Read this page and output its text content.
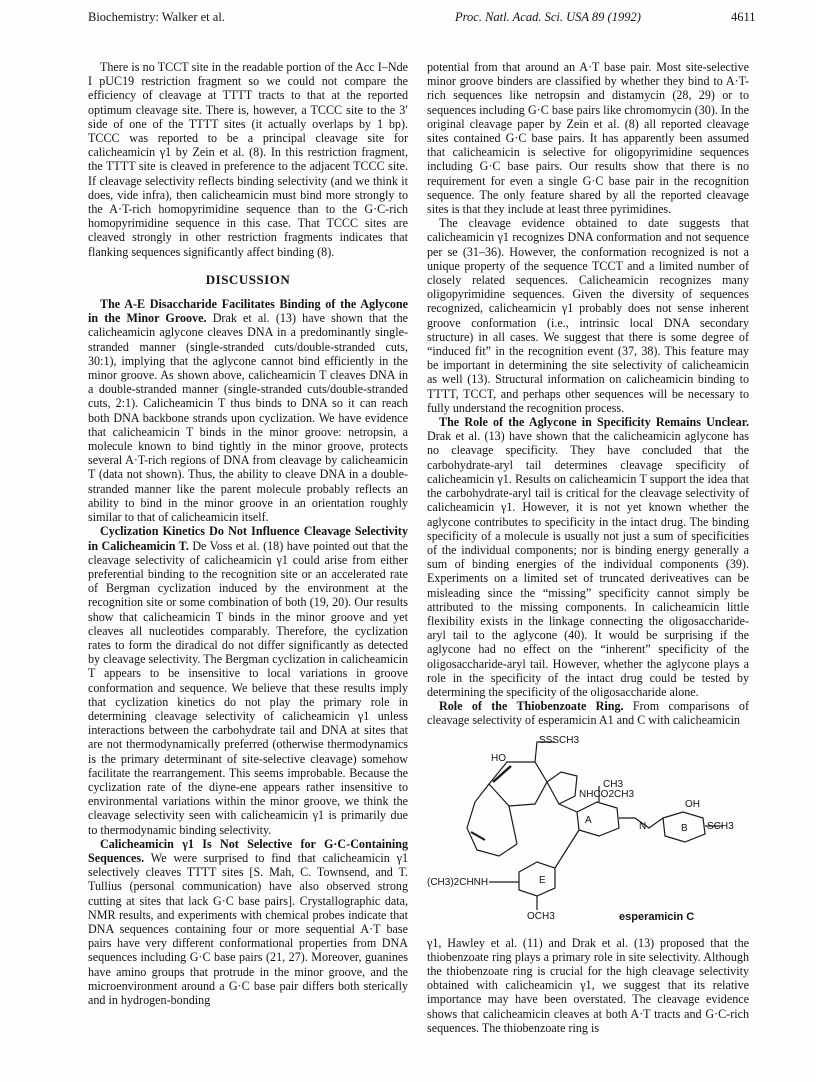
Biochemistry: Walker et al.	Proc. Natl. Acad. Sci. USA 89 (1992)	4611

There is no TCCT site in the readable portion of the Acc I–Nde I pUC19 restriction fragment so we could not compare the efficiency of cleavage at TTTT tracts to that at the reported optimum cleavage site. There is, however, a TCCC site to the 3′ side of one of the TTTT sites (it actually overlaps by 1 bp). TCCC was reported to be a principal cleavage site for calicheamicin γ1 by Zein et al. (8). In this restriction fragment, the TTTT site is cleaved in preference to the adjacent TCCC site. If cleavage selectivity reflects binding selectivity (and we think it does, vide infra), then calicheamicin must bind more strongly to the A·T-rich homopyrimidine sequence than to the G·C-rich homopyrimidine sequence in this case. That TCCC sites are cleaved strongly in other restriction fragments indicates that flanking sequences significantly affect binding (8).

DISCUSSION

The A-E Disaccharide Facilitates Binding of the Aglycone in the Minor Groove. Drak et al. (13) have shown that the calicheamicin aglycone cleaves DNA in a predominantly single-stranded manner (single-stranded cuts/double-stranded cuts, 30:1), implying that the aglycone cannot bind efficiently in the minor groove. As shown above, calicheamicin T cleaves DNA in a double-stranded manner (single-stranded cuts/double-stranded cuts, 2:1). Calicheamicin T thus binds to DNA so it can reach both DNA backbone strands upon cyclization. We have evidence that calicheamicin T binds in the minor groove: netropsin, a molecule known to bind tightly in the minor groove, protects several A·T-rich regions of DNA from cleavage by calicheamicin T (data not shown). Thus, the ability to cleave DNA in a double-stranded manner like the parent molecule probably reflects an ability to bind in the minor groove in an orientation roughly similar to that of calicheamicin itself.

Cyclization Kinetics Do Not Influence Cleavage Selectivity in Calicheamicin T. De Voss et al. (18) have pointed out that the cleavage selectivity of calicheamicin γ1 could arise from either preferential binding to the recognition site or an accelerated rate of Bergman cyclization induced by the environment at the recognition site or some combination of both (19, 20). Our results show that calicheamicin T binds in the minor groove and yet cleaves all nucleotides comparably. Therefore, the cyclization rates to form the diradical do not differ significantly as detected by cleavage selectivity. The Bergman cyclization in calicheamicin T appears to be insensitive to local variations in groove conformation and sequence. We believe that these results imply that cyclization kinetics do not play the primary role in determining cleavage selectivity of calicheamicin γ1 unless interactions between the carbohydrate tail and DNA at sites that are not thermodynamically preferred (otherwise thermodynamics is the primary determinant of site-selective cleavage) somehow facilitate the rearrangement. This seems improbable. Because the cyclization rate of the diyne-ene appears rather insensitive to environmental variations within the minor groove, we think the cleavage selectivity seen with calicheamicin γ1 is primarily due to thermodynamic binding selectivity.

Calicheamicin γ1 Is Not Selective for G·C-Containing Sequences. We were surprised to find that calicheamicin γ1 selectively cleaves TTTT sites [S. Mah, C. Townsend, and T. Tullius (personal communication) have also observed strong cutting at sites that lack G·C base pairs]. Crystallographic data, NMR results, and experiments with chemical probes indicate that DNA sequences containing four or more sequential A·T base pairs have very different conformational properties from DNA sequences including G·C base pairs (21, 27). Moreover, guanines have amino groups that protrude in the minor groove, and the microenvironment around a G·C base pair differs both sterically and in hydrogen-bonding

potential from that around an A·T base pair. Most site-selective minor groove binders are classified by whether they bind to A·T-rich sequences like netropsin and distamycin (28, 29) or to sequences including G·C base pairs like chromomycin (30). In the original cleavage paper by Zein et al. (8) all reported cleavage sites contained G·C base pairs. It has apparently been assumed that calicheamicin is selective for oligopyrimidine sequences including G·C base pairs. Our results show that there is no requirement for even a single G·C base pair in the recognition sequence. The only feature shared by all the reported cleavage sites is that they include at least three pyrimidines.

The cleavage evidence obtained to date suggests that calicheamicin γ1 recognizes DNA conformation and not sequence per se (31–36). However, the conformation recognized is not a unique property of the sequence TCCT and a limited number of closely related sequences. Calicheamicin recognizes many oligopyrimidine sequences. Given the diversity of sequences recognized, calicheamicin γ1 probably does not sense inherent groove conformation (i.e., intrinsic local DNA secondary structure) in all cases. We suggest that there is some degree of “induced fit” in the recognition event (37, 38). This feature may be important in determining the site selectivity of calicheamicin as well (13). Structural information on calicheamicin binding to TTTT, TCCT, and perhaps other sequences will be necessary to fully understand the recognition process.

The Role of the Aglycone in Specificity Remains Unclear. Drak et al. (13) have shown that the calicheamicin aglycone has no cleavage specificity. They have concluded that the carbohydrate-aryl tail determines cleavage specificity of calicheamicin γ1. Results on calicheamicin T support the idea that the carbohydrate-aryl tail is critical for the cleavage selectivity of calicheamicin γ1. However, it is not yet known whether the aglycone contributes to specificity in the intact drug. The binding specificity of a molecule is usually not just a sum of specificities of the individual components; nor is binding energy generally a sum of binding energies of the individual components (39). Experiments on a limited set of truncated deriveatives can be misleading since the “missing” specificity cannot simply be attributed to the missing components. In calicheamicin little flexibility exists in the linkage connecting the oligosaccharide-aryl tail to the aglycone (40). It would be surprising if the aglycone had no effect on the “inherent” specificity of the oligosaccharide-aryl tail. However, whether the aglycone plays a role in the specificity of the intact drug could be tested by determining the specificity of the oligosaccharide alone.

Role of the Thiobenzoate Ring. From comparisons of cleavage selectivity of esperamicin A1 and C with calicheamicin

SSSCH3
HO
NHCO2CH3
CH3
A
N	B
OH
SCH3
E
(CH3)2CHNH
OCH3	esperamicin C

γ1, Hawley et al. (11) and Drak et al. (13) proposed that the thiobenzoate ring plays a primary role in site selectivity. Although the thiobenzoate ring is crucial for the high cleavage selectivity obtained with calicheamicin γ1, we suggest that its relative importance may have been overstated. The cleavage evidence shows that calicheamicin cleaves at both A·T tracts and G·C-rich sequences. The thiobenzoate ring is
